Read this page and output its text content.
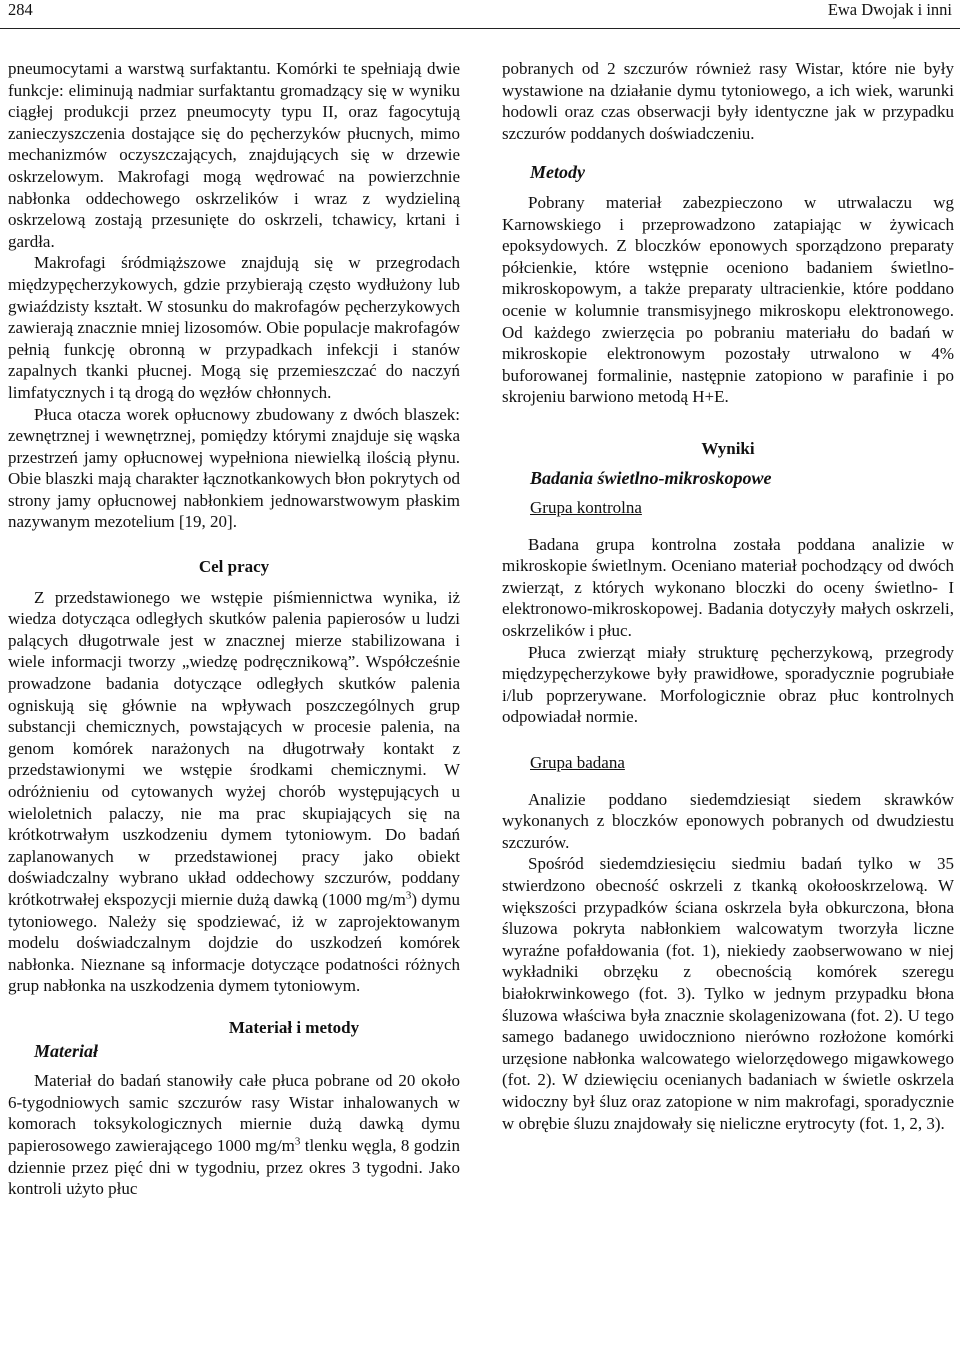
284	Ewa Dwojak i inni

pneumocytami a warstwą surfaktantu. Komórki te spełniają dwie funkcje: eliminują nadmiar surfaktantu gromadzący się w wyniku ciągłej produkcji przez pneumocyty typu II, oraz fagocytują zanieczyszczenia dostające się do pęcherzyków płucnych, mimo mechanizmów oczyszczających, znajdujących się w drzewie oskrzelowym. Makrofagi mogą wędrować na powierzchnie nabłonka oddechowego oskrzelików i wraz z wydzieliną oskrzelową zostają przesunięte do oskrzeli, tchawicy, krtani i gardła.

Makrofagi śródmiąższowe znajdują się w przegrodach międzypęcherzykowych, gdzie przybierają często wydłużony lub gwiaździsty kształt. W stosunku do makrofagów pęcherzykowych zawierają znacznie mniej lizosomów. Obie populacje makrofagów pełnią funkcję obronną w przypadkach infekcji i stanów zapalnych tkanki płucnej. Mogą się przemieszczać do naczyń limfatycznych i tą drogą do węzłów chłonnych.

Płuca otacza worek opłucnowy zbudowany z dwóch blaszek: zewnętrznej i wewnętrznej, pomiędzy którymi znajduje się wąska przestrzeń jamy opłucnowej wypełniona niewielką ilością płynu. Obie blaszki mają charakter łącznotkankowych błon pokrytych od strony jamy opłucnowej nabłonkiem jednowarstwowym płaskim nazywanym mezotelium [19, 20].

Cel pracy

Z przedstawionego we wstępie piśmiennictwa wynika, iż wiedza dotycząca odległych skutków palenia papierosów u ludzi palących długotrwale jest w znacznej mierze stabilizowana i wiele informacji tworzy „wiedzę podręcznikową”. Współcześnie prowadzone badania dotyczące odległych skutków palenia ogniskują się głównie na wpływach poszczególnych grup substancji chemicznych, powstających w procesie palenia, na genom komórek narażonych na długotrwały kontakt z przedstawionymi we wstępie środkami chemicznymi. W odróżnieniu od cytowanych wyżej chorób występujących u wieloletnich palaczy, nie ma prac skupiających się na krótkotrwałym uszkodzeniu dymem tytoniowym. Do badań zaplanowanych w przedstawionej pracy jako obiekt doświadczalny wybrano układ oddechowy szczurów, poddany krótkotrwałej ekspozycji miernie dużą dawką (1000 $mg/m^3$) dymu tytoniowego. Należy się spodziewać, iż w zaprojektowanym modelu doświadczalnym dojdzie do uszkodzeń komórek nabłonka. Nieznane są informacje dotyczące podatności różnych grup nabłonka na uszkodzenia dymem tytoniowym.

Materiał i metody
Materiał

Materiał do badań stanowiły całe płuca pobrane od 20 około 6-tygodniowych samic szczurów rasy Wistar inhalowanych w komorach toksykologicznych miernie dużą dawką dymu papierosowego zawierającego 1000 $mg/m^3$ tlenku węgla, 8 godzin dziennie przez pięć dni w tygodniu, przez okres 3 tygodni. Jako kontroli użyto płuc

pobranych od 2 szczurów również rasy Wistar, które nie były wystawione na działanie dymu tytoniowego, a ich wiek, warunki hodowli oraz czas obserwacji były identyczne jak w przypadku szczurów poddanych doświadczeniu.

Metody

Pobrany materiał zabezpieczono w utrwalaczu wg Karnowskiego i przeprowadzono zatapiając w żywicach epoksydowych. Z bloczków eponowych sporządzono preparaty półcienkie, które wstępnie oceniono badaniem świetlno-mikroskopowym, a także preparaty ultracienkie, które poddano ocenie w kolumnie transmisyjnego mikroskopu elektronowego. Od każdego zwierzęcia po pobraniu materiału do badań w mikroskopie elektronowym pozostały utrwalono w 4% buforowanej formalinie, następnie zatopiono w parafinie i po skrojeniu barwiono metodą H+E.

Wyniki
Badania świetlno-mikroskopowe
Grupa kontrolna

Badana grupa kontrolna została poddana analizie w mikroskopie świetlnym. Oceniano materiał pochodzący od dwóch zwierząt, z których wykonano bloczki do oceny świetlno- I elektronowo-mikroskopowej. Badania dotyczyły małych oskrzeli, oskrzelików i płuc.

Płuca zwierząt miały strukturę pęcherzykową, przegrody międzypęcherzykowe były prawidłowe, sporadycznie pogrubiałe i/lub poprzerywane. Morfologicznie obraz płuc kontrolnych odpowiadał normie.

Grupa badana

Analizie poddano siedemdziesiąt siedem skrawków wykonanych z bloczków eponowych pobranych od dwudziestu szczurów.

Spośród siedemdziesięciu siedmiu badań tylko w 35 stwierdzono obecność oskrzeli z tkanką okołooskrzelową. W większości przypadków ściana oskrzela była obkurczona, błona śluzowa pokryta nabłonkiem walcowatym tworzyła liczne wyraźne pofałdowania (fot. 1), niekiedy zaobserwowano w niej wykładniki obrzęku z obecnością komórek szeregu białokrwinkowego (fot. 3). Tylko w jednym przypadku błona śluzowa właściwa była znacznie skolagenizowana (fot. 2). U tego samego badanego uwidoczniono nierówno rozłożone komórki urzęsione nabłonka walcowatego wielorzędowego migawkowego (fot. 2). W dziewięciu ocenianych badaniach w świetle oskrzela widoczny był śluz oraz zatopione w nim makrofagi, sporadycznie w obrębie śluzu znajdowały się nieliczne erytrocyty (fot. 1, 2, 3).
